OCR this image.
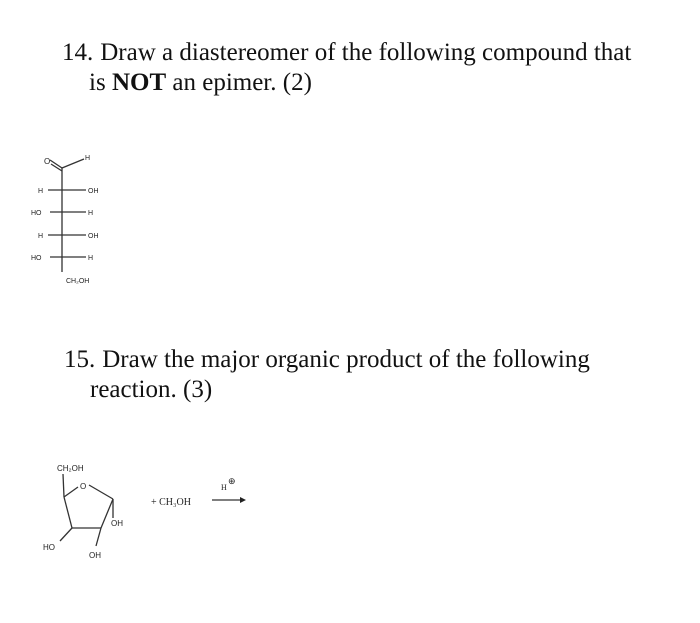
14. Draw a diastereomer of the following compound that
is NOT an epimer. (2)

O	H
H	OH
HO	H
H	OH
HO	H
CH₂OH
CH₂OH
O
OH
OH
HO
+ CH₃OH
H
⊕

15. Draw the major organic product of the following
reaction. (3)
